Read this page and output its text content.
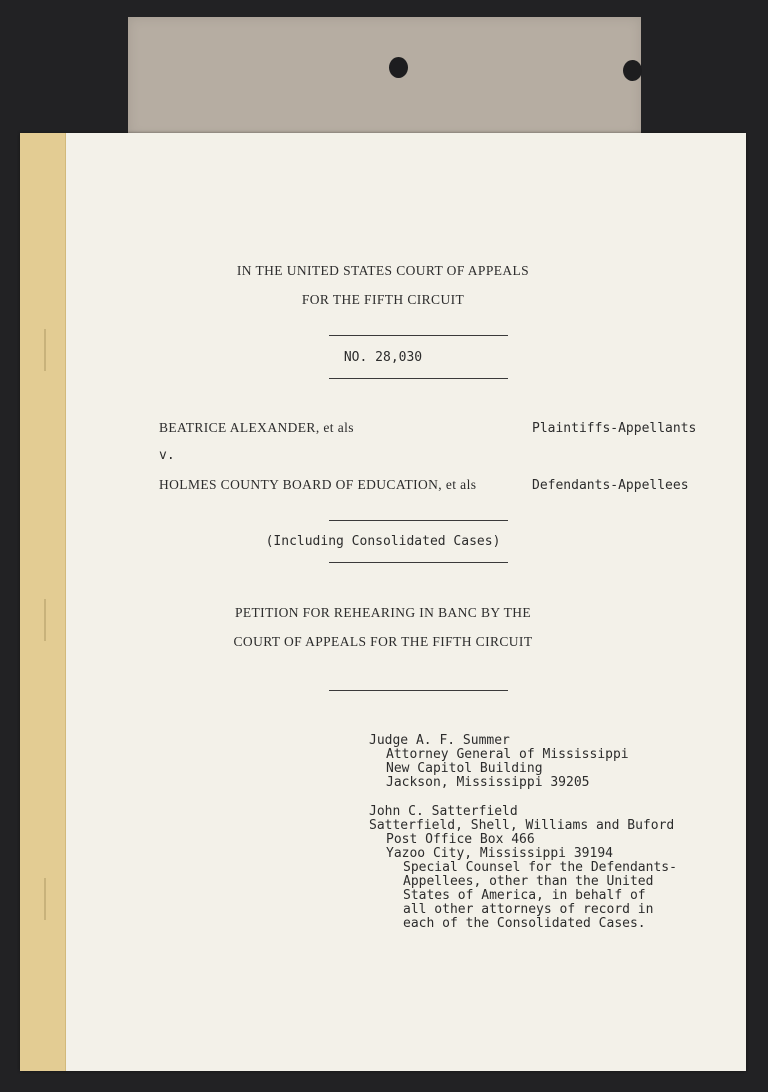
IN THE UNITED STATES COURT OF APPEALS

FOR THE FIFTH CIRCUIT

NO. 28,030

BEATRICE ALEXANDER, et als	Plaintiffs-Appellants

v.

HOLMES COUNTY BOARD OF EDUCATION, et als	Defendants-Appellees

(Including Consolidated Cases)

PETITION FOR REHEARING IN BANC BY THE

COURT OF APPEALS FOR THE FIFTH CIRCUIT

Judge A. F. Summer

Attorney General of Mississippi

New Capitol Building

Jackson, Mississippi 39205

John C. Satterfield

Satterfield, Shell, Williams and Buford

Post Office Box 466

Yazoo City, Mississippi 39194

Special Counsel for the Defendants-

Appellees, other than the United

States of America, in behalf of

all other attorneys of record in

each of the Consolidated Cases.
